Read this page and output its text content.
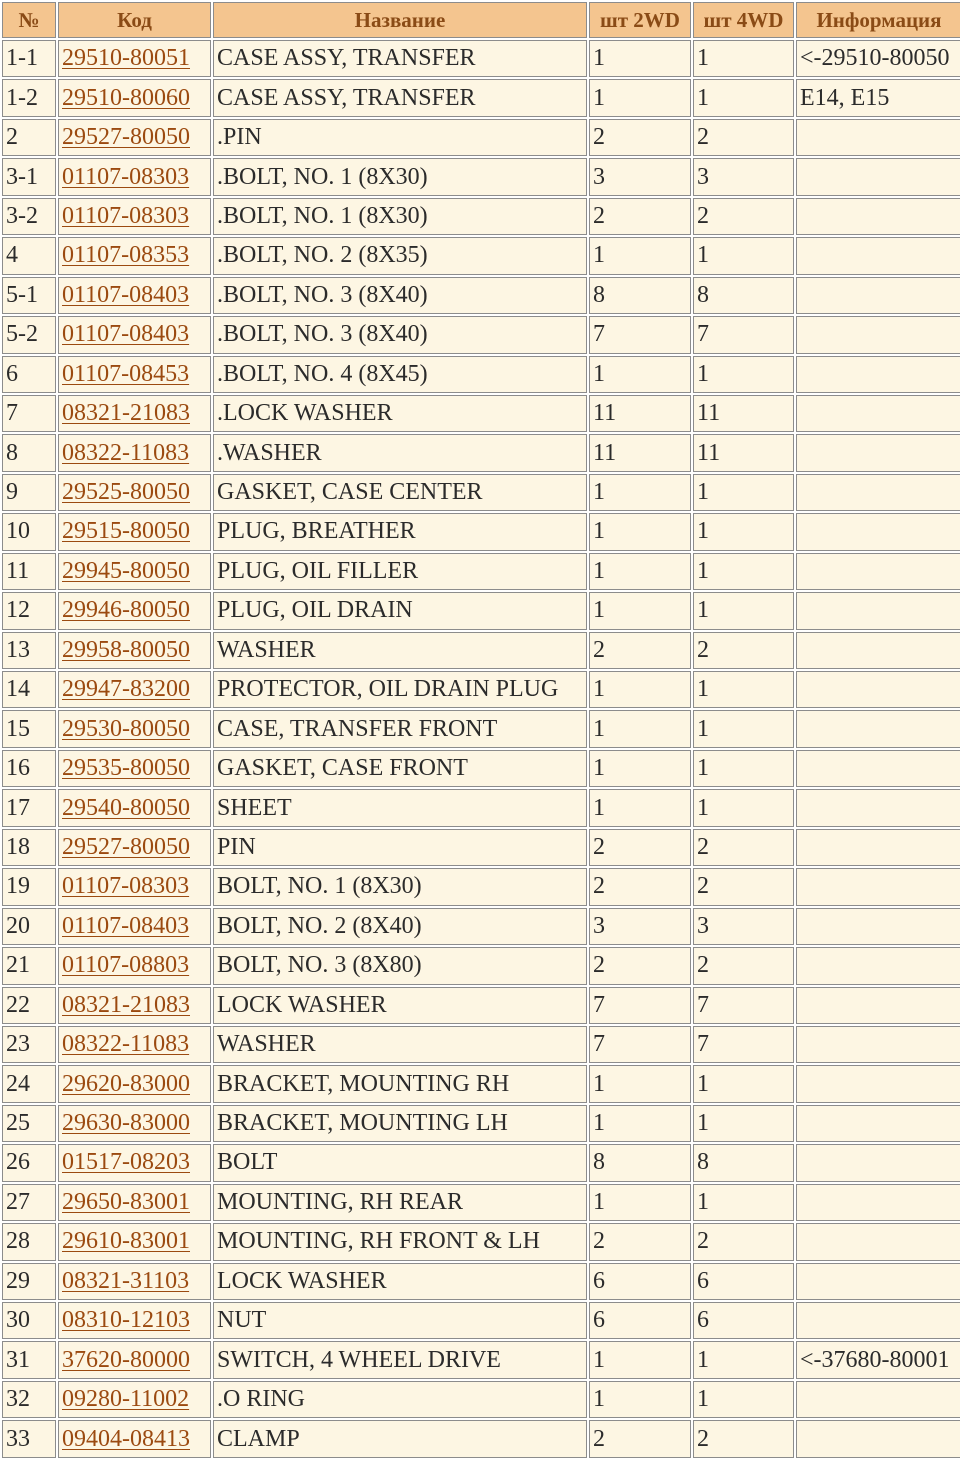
№	Код	Название	шт 2WD	шт 4WD	Информация
1-1	29510-80051	CASE ASSY, TRANSFER	1	1	<-29510-80050
1-2	29510-80060	CASE ASSY, TRANSFER	1	1	E14, E15
2	29527-80050	.PIN	2	2	
3-1	01107-08303	.BOLT, NO. 1 (8X30)	3	3	
3-2	01107-08303	.BOLT, NO. 1 (8X30)	2	2	
4	01107-08353	.BOLT, NO. 2 (8X35)	1	1	
5-1	01107-08403	.BOLT, NO. 3 (8X40)	8	8	
5-2	01107-08403	.BOLT, NO. 3 (8X40)	7	7	
6	01107-08453	.BOLT, NO. 4 (8X45)	1	1	
7	08321-21083	.LOCK WASHER	11	11	
8	08322-11083	.WASHER	11	11	
9	29525-80050	GASKET, CASE CENTER	1	1	
10	29515-80050	PLUG, BREATHER	1	1	
11	29945-80050	PLUG, OIL FILLER	1	1	
12	29946-80050	PLUG, OIL DRAIN	1	1	
13	29958-80050	WASHER	2	2	
14	29947-83200	PROTECTOR, OIL DRAIN PLUG	1	1	
15	29530-80050	CASE, TRANSFER FRONT	1	1	
16	29535-80050	GASKET, CASE FRONT	1	1	
17	29540-80050	SHEET	1	1	
18	29527-80050	PIN	2	2	
19	01107-08303	BOLT, NO. 1 (8X30)	2	2	
20	01107-08403	BOLT, NO. 2 (8X40)	3	3	
21	01107-08803	BOLT, NO. 3 (8X80)	2	2	
22	08321-21083	LOCK WASHER	7	7	
23	08322-11083	WASHER	7	7	
24	29620-83000	BRACKET, MOUNTING RH	1	1	
25	29630-83000	BRACKET, MOUNTING LH	1	1	
26	01517-08203	BOLT	8	8	
27	29650-83001	MOUNTING, RH REAR	1	1	
28	29610-83001	MOUNTING, RH FRONT & LH	2	2	
29	08321-31103	LOCK WASHER	6	6	
30	08310-12103	NUT	6	6	
31	37620-80000	SWITCH, 4 WHEEL DRIVE	1	1	<-37680-80001
32	09280-11002	.O RING	1	1	
33	09404-08413	CLAMP	2	2	
